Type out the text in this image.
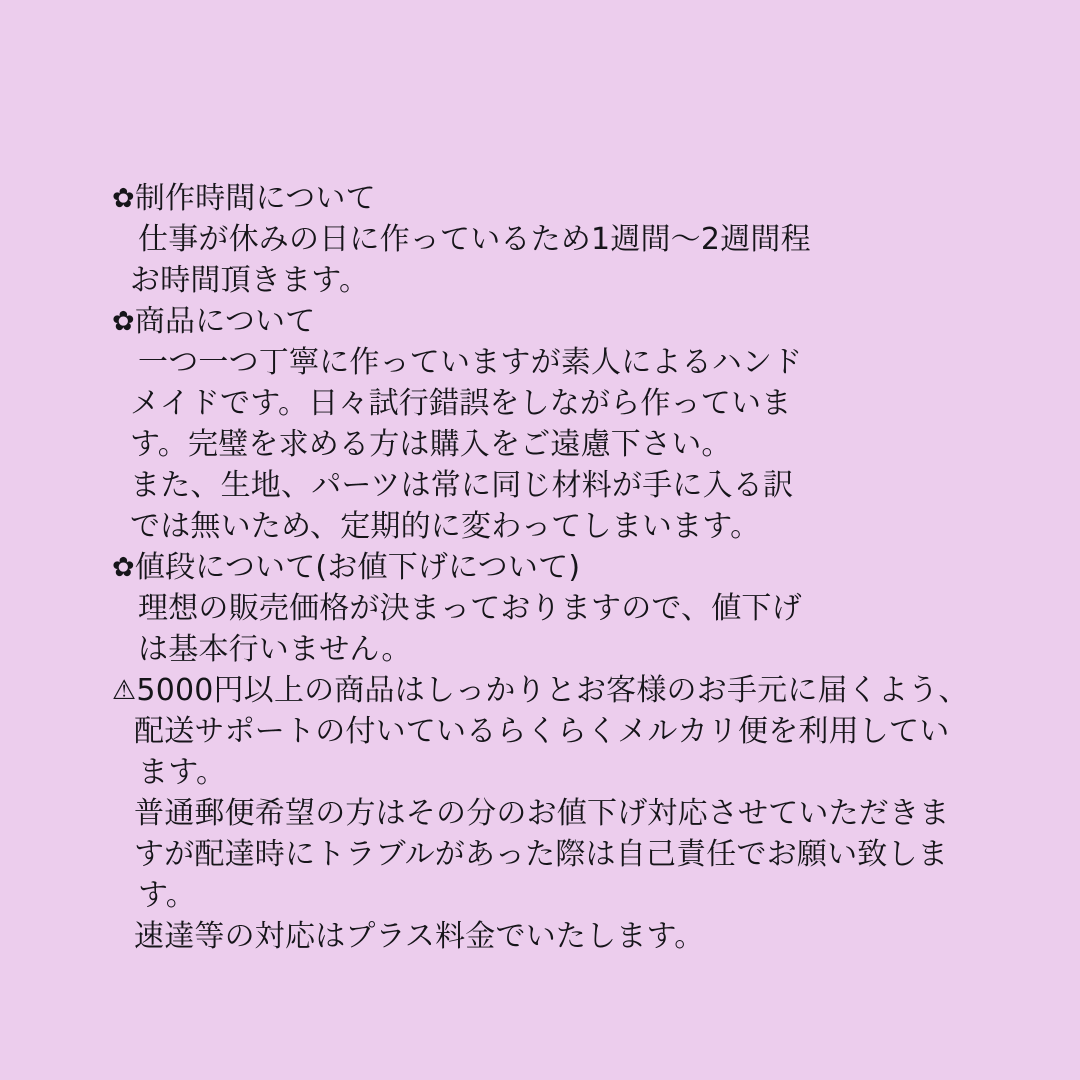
✿制作時間について
仕事が休みの日に作っているため1週間〜2週間程
お時間頂きます。
✿商品について
一つ一つ丁寧に作っていますが素人によるハンド
メイドです。日々試行錯誤をしながら作っていま
す。完璧を求める方は購入をご遠慮下さい。
また、生地、パーツは常に同じ材料が手に入る訳
では無いため、定期的に変わってしまいます。
✿値段について(お値下げについて)
理想の販売価格が決まっておりますので、値下げ
は基本行いません。
⚠5000円以上の商品はしっかりとお客様のお手元に届くよう、
配送サポートの付いているらくらくメルカリ便を利用してい
ます。
普通郵便希望の方はその分のお値下げ対応させていただきま
すが配達時にトラブルがあった際は自己責任でお願い致しま
す。
速達等の対応はプラス料金でいたします。
